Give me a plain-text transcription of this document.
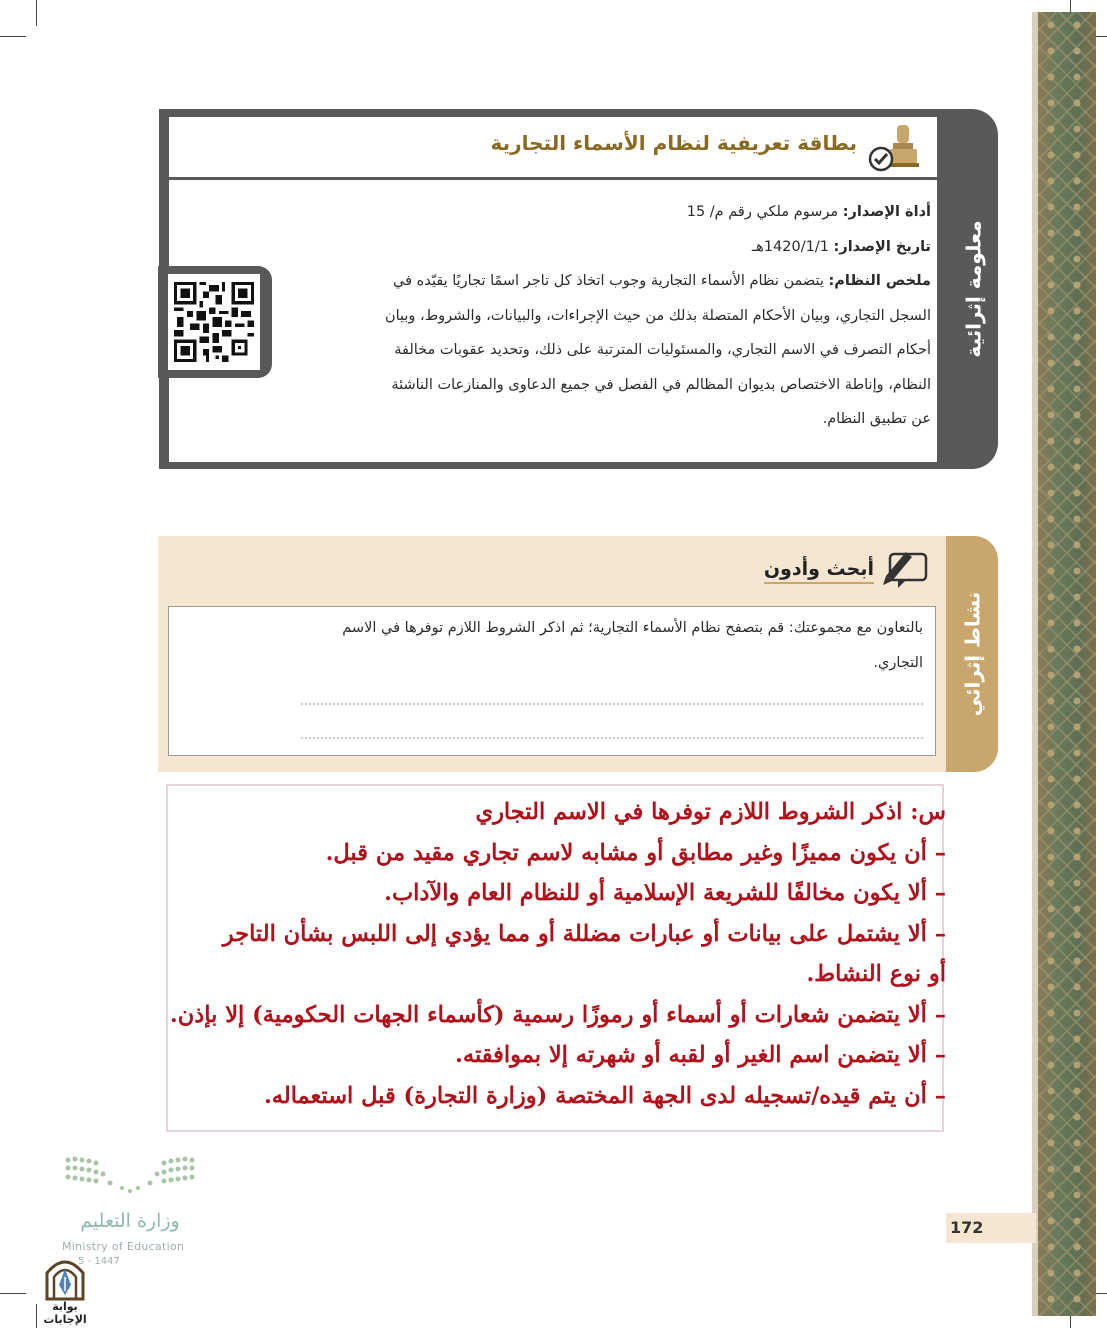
بطاقة تعريفية لنظام الأسماء التجارية
أداة الإصدار: مرسوم ملكي رقم م/ 15
تاريخ الإصدار: 1420/1/1هـ
ملخص النظام: يتضمن نظام الأسماء التجارية وجوب اتخاذ كل تاجر اسمًا تجاريًا يقيّده في
السجل التجاري، وبيان الأحكام المتصلة بذلك من حيث الإجراءات، والبيانات، والشروط، وبيان
أحكام التصرف في الاسم التجاري، والمسئوليات المترتبة على ذلك، وتحديد عقوبات مخالفة
النظام، وإناطة الاختصاص بديوان المظالم في الفصل في جميع الدعاوى والمنازعات الناشئة
عن تطبيق النظام.
معلومة إثرائية
أبحث وأدون
بالتعاون مع مجموعتك: قم بتصفح نظام الأسماء التجارية؛ ثم اذكر الشروط اللازم توفرها في الاسم
التجاري. نشاط إثرائي
س: اذكر الشروط اللازم توفرها في الاسم التجاري
– أن يكون مميزًا وغير مطابق أو مشابه لاسم تجاري مقيد من قبل.
– ألا يكون مخالفًا للشريعة الإسلامية أو للنظام العام والآداب.
– ألا يشتمل على بيانات أو عبارات مضللة أو مما يؤدي إلى اللبس بشأن التاجر
أو نوع النشاط.
– ألا يتضمن شعارات أو أسماء أو رموزًا رسمية (كأسماء الجهات الحكومية) إلا بإذن.
– ألا يتضمن اسم الغير أو لقبه أو شهرته إلا بموافقته.
– أن يتم قيده/تسجيله لدى الجهة المختصة (وزارة التجارة) قبل استعماله.
172
وزارة التعليم
Ministry of Education
5 - 1447
بوابة الإجابات
